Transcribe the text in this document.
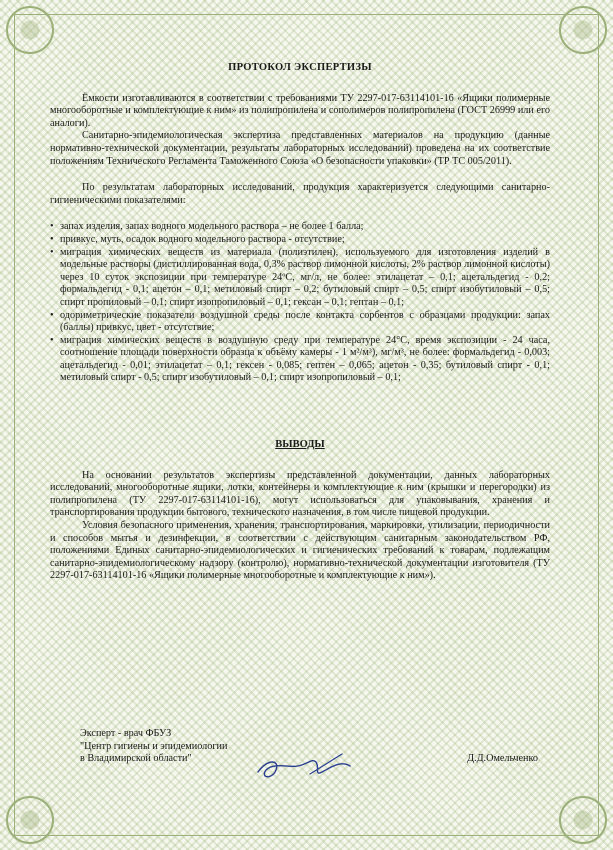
ПРОТОКОЛ ЭКСПЕРТИЗЫ

Ёмкости изготавливаются в соответствии с требованиями ТУ 2297-017-63114101-16 «Ящики полимерные многооборотные и комплектующие к ним» из полипропилена и сополимеров полипропилена (ГОСТ 26999 или его аналоги).

Санитарно-эпидемиологическая экспертиза представленных материалов на продукцию (данные нормативно-технической документации, результаты лабораторных исследований) проведена на их соответствие положениям Технического Регламента Таможенного Союза «О безопасности упаковки» (ТР ТС 005/2011).

По результатам лабораторных исследований, продукция характеризуется следующими санитарно-гигиеническими показателями:

• запах изделия, запах водного модельного раствора – не более 1 балла;
• привкус, муть, осадок водного модельного раствора - отсутствие;
• миграция химических веществ из материала (полиэтилен), используемого для изготовления изделий в модельные растворы (дистиллированная вода, 0,3% раствор лимонной кислоты, 2% раствор лимонной кислоты) через 10 суток экспозиции при температуре 24ºС, мг/л, не более: этилацетат – 0,1; ацетальдегид - 0,2; формальдегид - 0,1; ацетон – 0,1; метиловый спирт – 0,2; бутиловый спирт – 0,5; спирт изобутиловый – 0,5; спирт пропиловый – 0,1; спирт изопропиловый – 0,1; гексан – 0,1; гептан – 0,1;
• одориметрические показатели воздушной среды после контакта сорбентов с образцами продукции: запах (баллы) привкус, цвет - отсутствие;
• миграция химических веществ в воздушную среду при температуре 24°С, время экспозиции - 24 часа, соотношение площади поверхности образца к объёму камеры - 1 м²/м³), мг/м³, не более: формальдегид - 0,003; ацетальдегид - 0,01; этилацетат – 0,1; гексен - 0,085; гептен – 0,065; ацетон - 0,35; бутиловый спирт - 0,1; метиловый спирт - 0,5; спирт изобутиловый – 0,1; спирт изопропиловый – 0,1;
ВЫВОДЫ

На основании результатов экспертизы представленной документации, данных лабораторных исследований, многооборотные ящики, лотки, контейнеры и комплектующие к ним (крышки и перегородки) из полипропилена (ТУ 2297-017-63114101-16), могут использоваться для упаковывания, хранения и транспортирования продукции бытового, технического назначения, в том числе пищевой продукции.

Условия безопасного применения, хранения, транспортирования, маркировки, утилизации, периодичности и способов мытья и дезинфекции, в соответствии с действующим санитарным законодательством РФ, положениями Единых санитарно-эпидемиологических и гигиенических требований к товарам, подлежащим санитарно-эпидемиологическому надзору (контролю), нормативно-технической документации изготовителя (ТУ 2297-017-63114101-16 «Ящики полимерные многооборотные и комплектующие к ним»).

Эксперт - врач ФБУЗ
"Центр гигиены и эпидемиологии
в Владимирской области"	Д.Д.Омельченко
